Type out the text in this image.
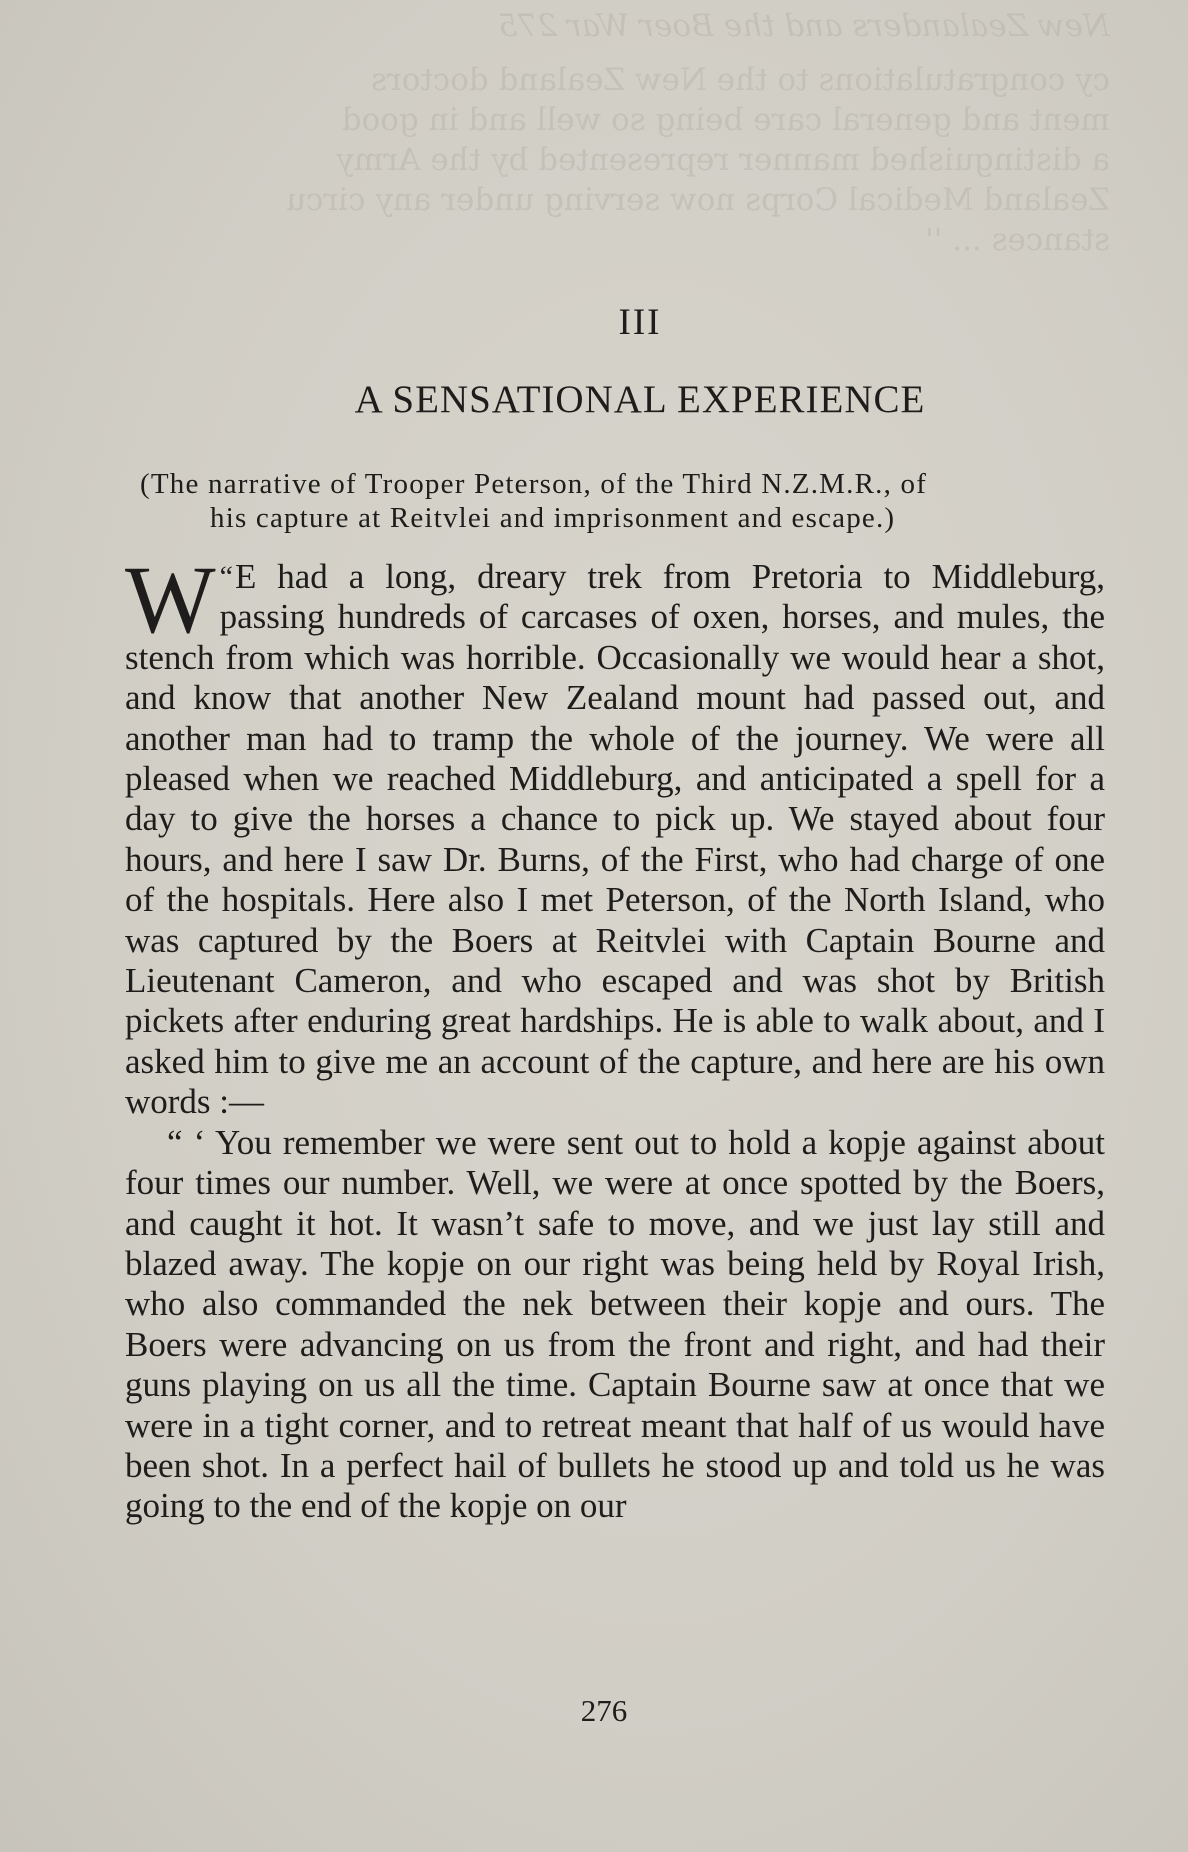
New Zealanders and the Boer War 275
cy congratulations to the New Zealand doctors
ment and general care being so well and in good
a distinguished manner represented by the Army
Zealand Medical Corps now serving under any circu
stances ... ''
III
A SENSATIONAL EXPERIENCE
(The narrative of Trooper Peterson, of the Third N.Z.M.R., of
his capture at Reitvlei and imprisonment and escape.)

“
W E had a long, dreary trek from Pretoria to Middleburg, passing hundreds of carcases of oxen, horses, and mules, the stench from which was horrible. Occasionally we would hear a shot, and know that another New Zealand mount had passed out, and another man had to tramp the whole of the journey. We were all pleased when we reached Middleburg, and anticipated a spell for a day to give the horses a chance to pick up. We stayed about four hours, and here I saw Dr. Burns, of the First, who had charge of one of the hospitals. Here also I met Peterson, of the North Island, who was captured by the Boers at Reitvlei with Captain Bourne and Lieutenant Cameron, and who escaped and was shot by British pickets after enduring great hardships. He is able to walk about, and I asked him to give me an account of the capture, and here are his own words :—

“ ‘ You remember we were sent out to hold a kopje against about four times our number. Well, we were at once spotted by the Boers, and caught it hot. It wasn’t safe to move, and we just lay still and blazed away. The kopje on our right was being held by Royal Irish, who also commanded the nek between their kopje and ours. The Boers were advancing on us from the front and right, and had their guns playing on us all the time. Captain Bourne saw at once that we were in a tight corner, and to retreat meant that half of us would have been shot. In a perfect hail of bullets he stood up and told us he was going to the end of the kopje on our

276
